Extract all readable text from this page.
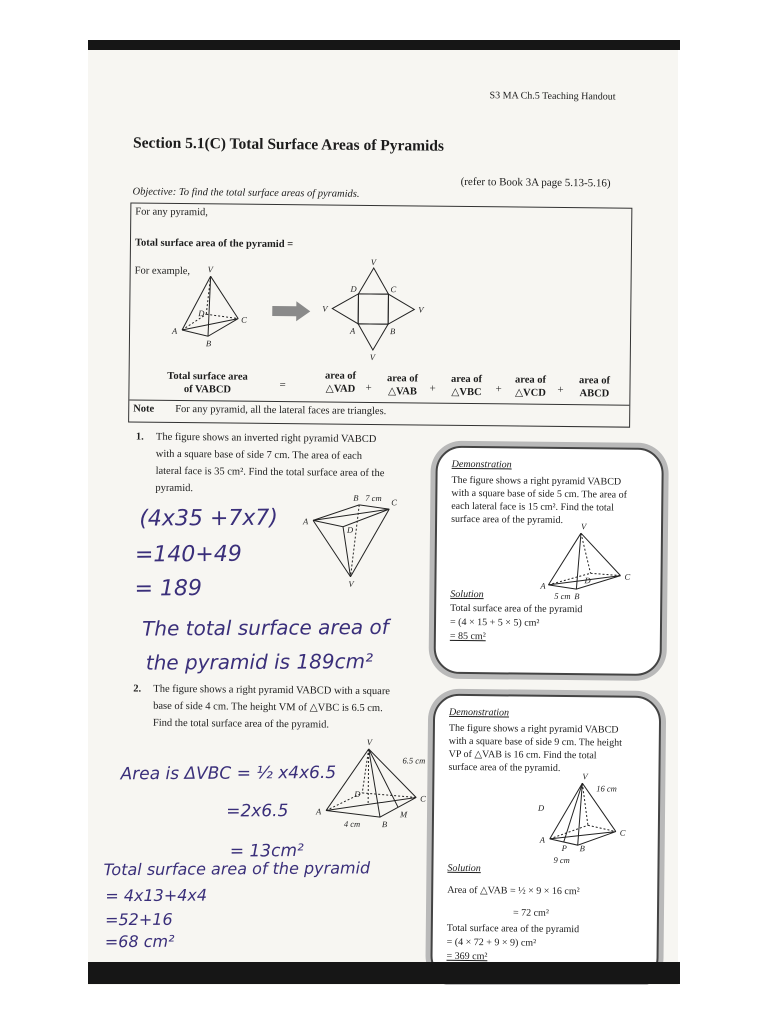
S3 MA Ch.5 Teaching Handout
Section 5.1(C) Total Surface Areas of Pyramids
(refer to Book 3A page 5.13-5.16)
Objective: To find the total surface areas of pyramids.
For any pyramid,
Total surface area of the pyramid =
For example, V
D
C
A
B
V
V
V
V
D	C
A	B
Total surface area
of VABCD	=
area of
△VAD +
area of
△VAB	+
area of
△VBC	+
area of
△VCD	+
area of
ABCD
Note For any pyramid, all the lateral faces are triangles.
1. The figure shows an inverted right pyramid VABCD
with a square base of side 7 cm. The area of each
lateral face is 35 cm². Find the total surface area of the
pyramid.
B 7 cm C
A
D
V
(4x35 +7x7)
=140+49
= 189
The total surface area of
the pyramid is 189cm²
Demonstration
The figure shows a right pyramid VABCD
with a square base of side 5 cm. The area of
each lateral face is 15 cm². Find the total
surface area of the pyramid.
V
A
D	C
5 cm B
Solution
Total surface area of the pyramid
= (4 × 15 + 5 × 5) cm²
= 85 cm²
2. The figure shows a right pyramid VABCD with a square
base of side 4 cm. The height VM of △VBC is 6.5 cm.
Find the total surface area of the pyramid.
V
6.5 cm
D	C
A	M
4 cm	B
Area is ΔVBC = ½ x4x6.5
=2x6.5
= 13cm²
Total surface area of the pyramid
= 4x13+4x4
=52+16
=68 cm²
Demonstration
The figure shows a right pyramid VABCD
with a square base of side 9 cm. The height
VP of △VAB is 16 cm. Find the total
surface area of the pyramid.
V
16 cm
D
C
A
P B
9 cm
Solution
Area of △VAB = ½ × 9 × 16 cm²
= 72 cm²
Total surface area of the pyramid
= (4 × 72 + 9 × 9) cm²
= 369 cm²
